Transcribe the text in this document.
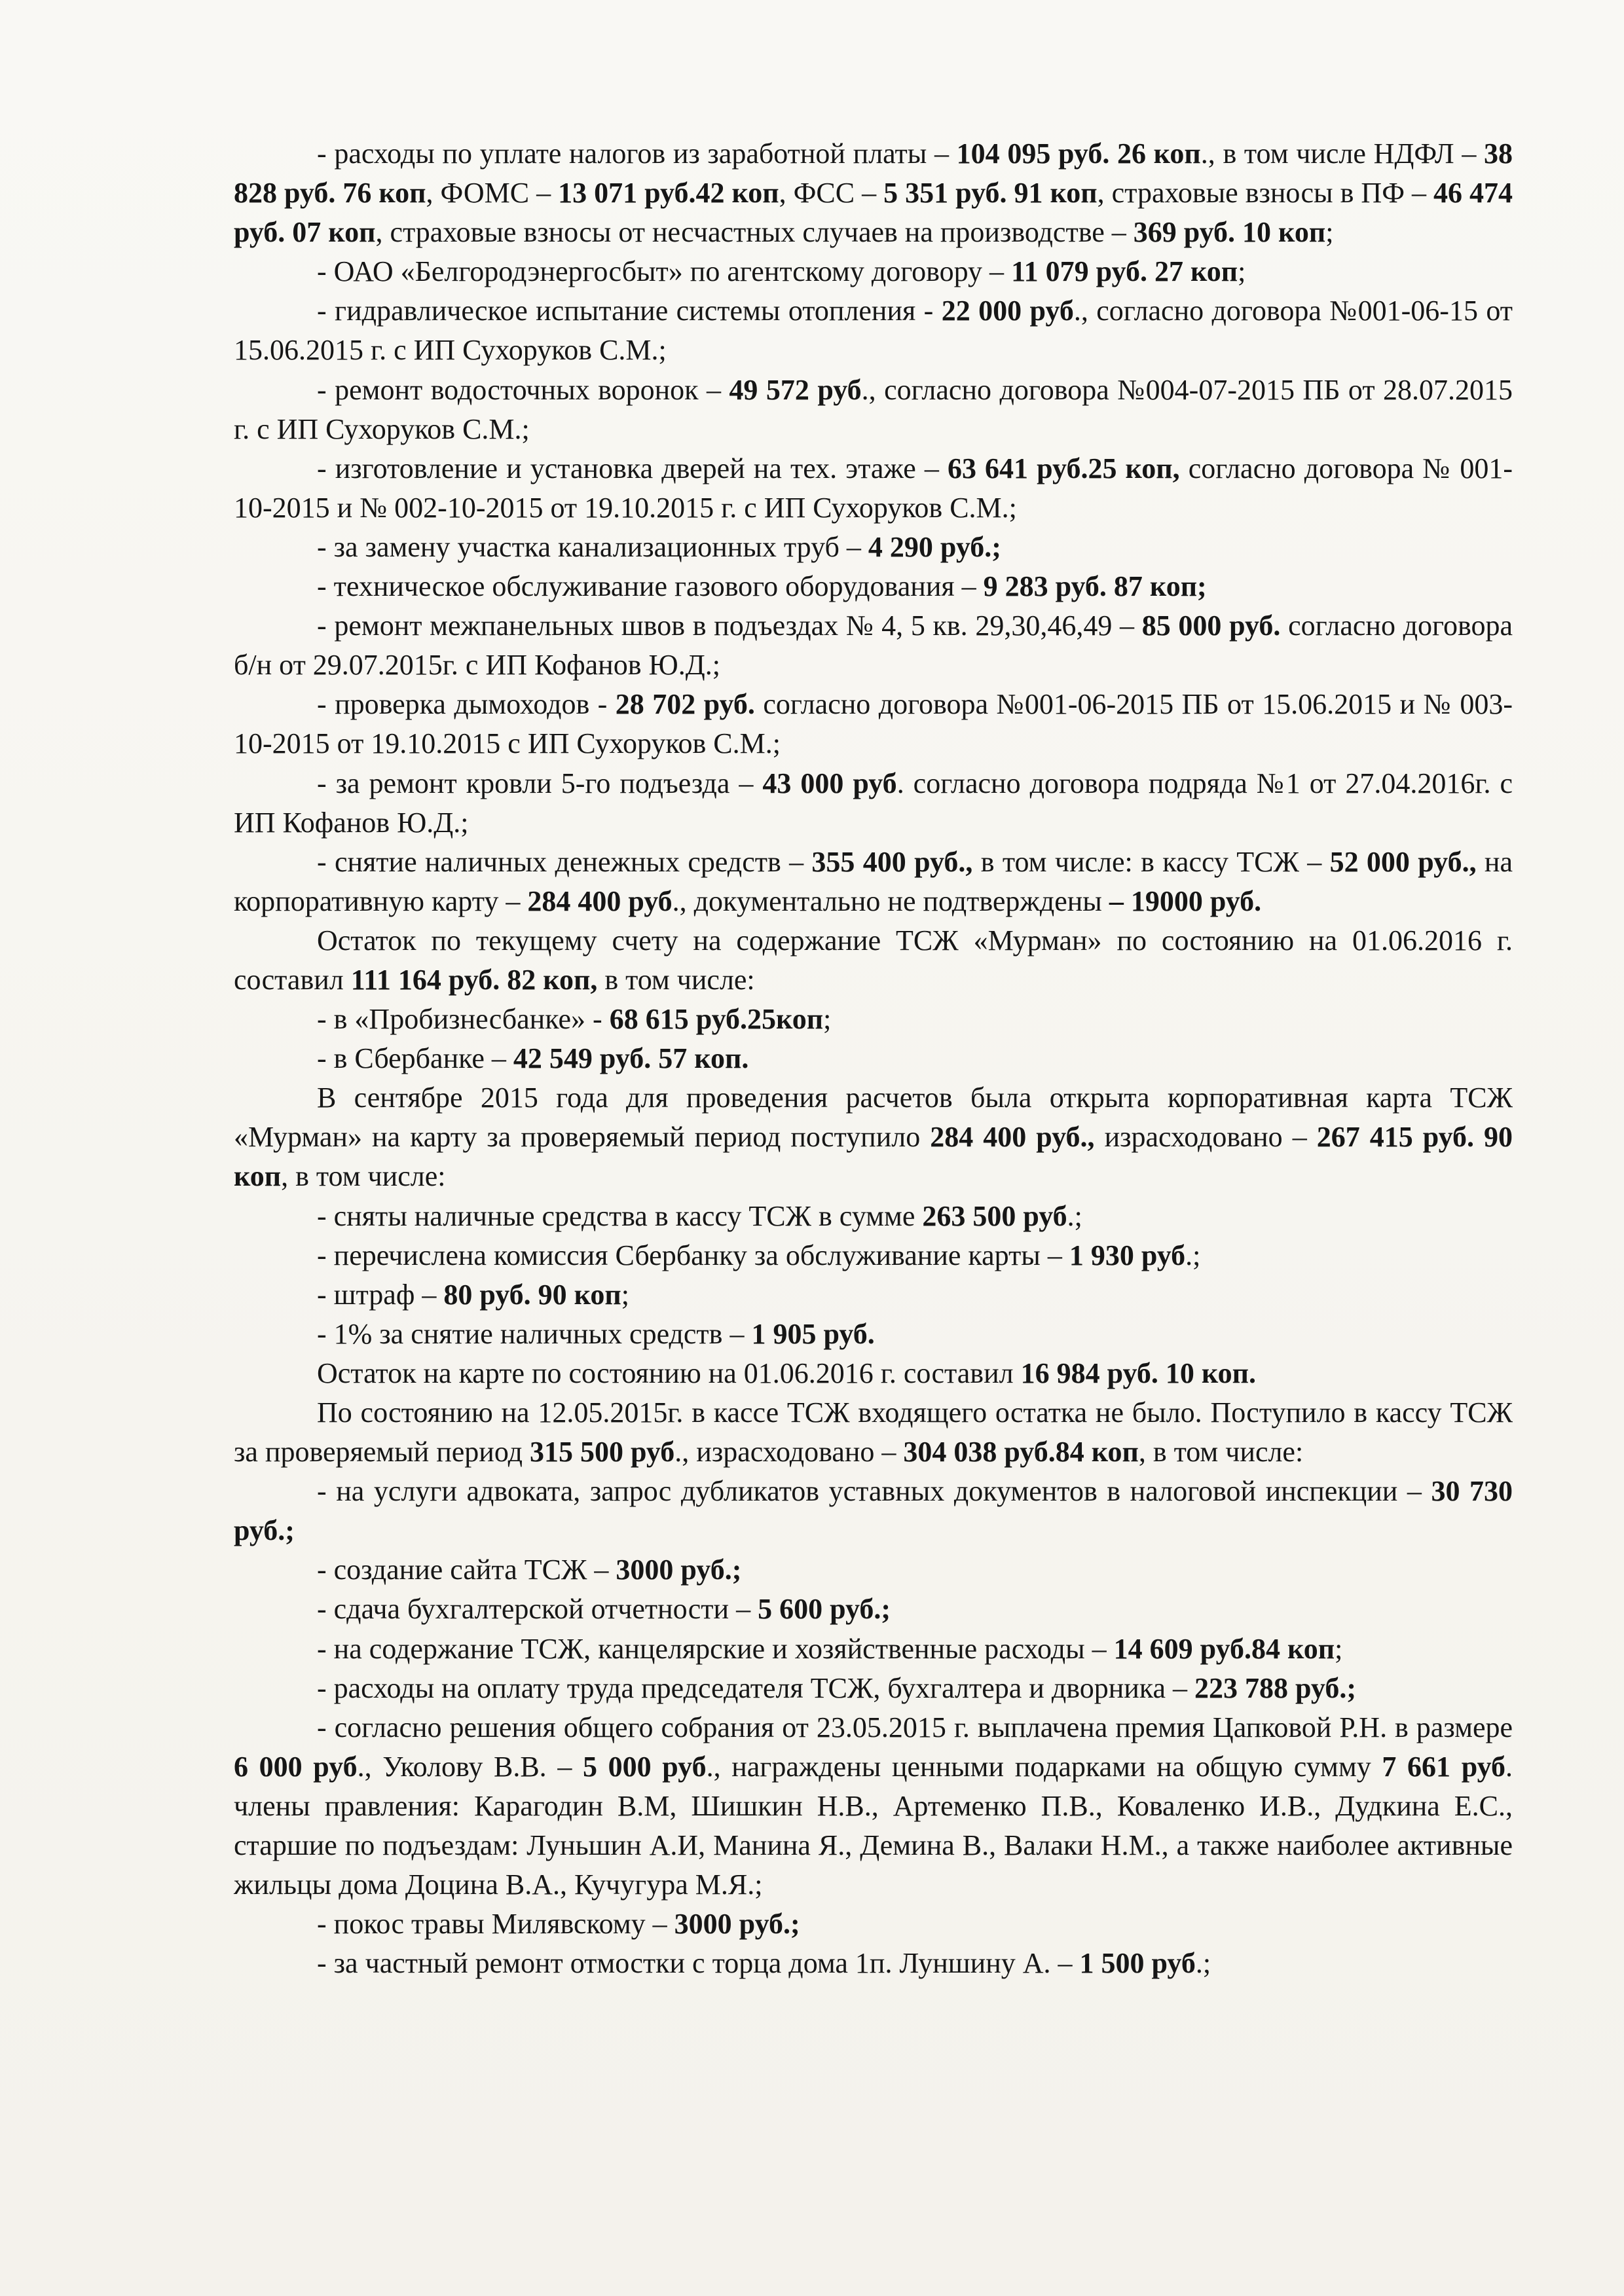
- расходы по уплате налогов из заработной платы – 104 095 руб. 26 коп., в том числе НДФЛ – 38 828 руб. 76 коп, ФОМС – 13 071 руб.42 коп, ФСС – 5 351 руб. 91 коп, страховые взносы в ПФ – 46 474 руб. 07 коп, страховые взносы от несчастных случаев на производстве – 369 руб. 10 коп;

- ОАО «Белгородэнергосбыт» по агентскому договору – 11 079 руб. 27 коп;

- гидравлическое испытание системы отопления - 22 000 руб., согласно договора №001-06-15 от 15.06.2015 г. с ИП Сухоруков С.М.;

- ремонт водосточных воронок – 49 572 руб., согласно договора №004-07-2015 ПБ от 28.07.2015 г. с ИП Сухоруков С.М.;

- изготовление и установка дверей на тех. этаже – 63 641 руб.25 коп, согласно договора № 001-10-2015 и № 002-10-2015 от 19.10.2015 г. с ИП Сухоруков С.М.;

- за замену участка канализационных труб – 4 290 руб.;

- техническое обслуживание газового оборудования – 9 283 руб. 87 коп;

- ремонт межпанельных швов в подъездах № 4, 5 кв. 29,30,46,49 – 85 000 руб. согласно договора б/н от 29.07.2015г. с ИП Кофанов Ю.Д.;

- проверка дымоходов - 28 702 руб. согласно договора №001-06-2015 ПБ от 15.06.2015 и № 003-10-2015 от 19.10.2015 с ИП Сухоруков С.М.;

- за ремонт кровли 5-го подъезда – 43 000 руб. согласно договора подряда №1 от 27.04.2016г. с ИП Кофанов Ю.Д.;

- снятие наличных денежных средств – 355 400 руб., в том числе: в кассу ТСЖ – 52 000 руб., на корпоративную карту – 284 400 руб., документально не подтверждены – 19000 руб.

Остаток по текущему счету на содержание ТСЖ «Мурман» по состоянию на 01.06.2016 г. составил 111 164 руб. 82 коп, в том числе:

- в «Пробизнесбанке» - 68 615 руб.25коп;

- в Сбербанке – 42 549 руб. 57 коп.

В сентябре 2015 года для проведения расчетов была открыта корпоративная карта ТСЖ «Мурман» на карту за проверяемый период поступило 284 400 руб., израсходовано – 267 415 руб. 90 коп, в том числе:

- сняты наличные средства в кассу ТСЖ в сумме 263 500 руб.;

- перечислена комиссия Сбербанку за обслуживание карты – 1 930 руб.;

- штраф – 80 руб. 90 коп;

- 1% за снятие наличных средств – 1 905 руб.

Остаток на карте по состоянию на 01.06.2016 г. составил 16 984 руб. 10 коп.

По состоянию на 12.05.2015г. в кассе ТСЖ входящего остатка не было. Поступило в кассу ТСЖ за проверяемый период 315 500 руб., израсходовано – 304 038 руб.84 коп, в том числе:

- на услуги адвоката, запрос дубликатов уставных документов в налоговой инспекции – 30 730 руб.;

- создание сайта ТСЖ – 3000 руб.;

- сдача бухгалтерской отчетности – 5 600 руб.;

- на содержание ТСЖ, канцелярские и хозяйственные расходы – 14 609 руб.84 коп;

- расходы на оплату труда председателя ТСЖ, бухгалтера и дворника – 223 788 руб.;

- согласно решения общего собрания от 23.05.2015 г. выплачена премия Цапковой Р.Н. в размере 6 000 руб., Уколову В.В. – 5 000 руб., награждены ценными подарками на общую сумму 7 661 руб. члены правления: Карагодин В.М, Шишкин Н.В., Артеменко П.В., Коваленко И.В., Дудкина Е.С., старшие по подъездам: Луньшин А.И, Манина Я., Демина В., Валаки Н.М., а также наиболее активные жильцы дома Доцина В.А., Кучугура М.Я.;

- покос травы Милявскому – 3000 руб.;

- за частный ремонт отмостки с торца дома 1п. Луншину А. – 1 500 руб.;
